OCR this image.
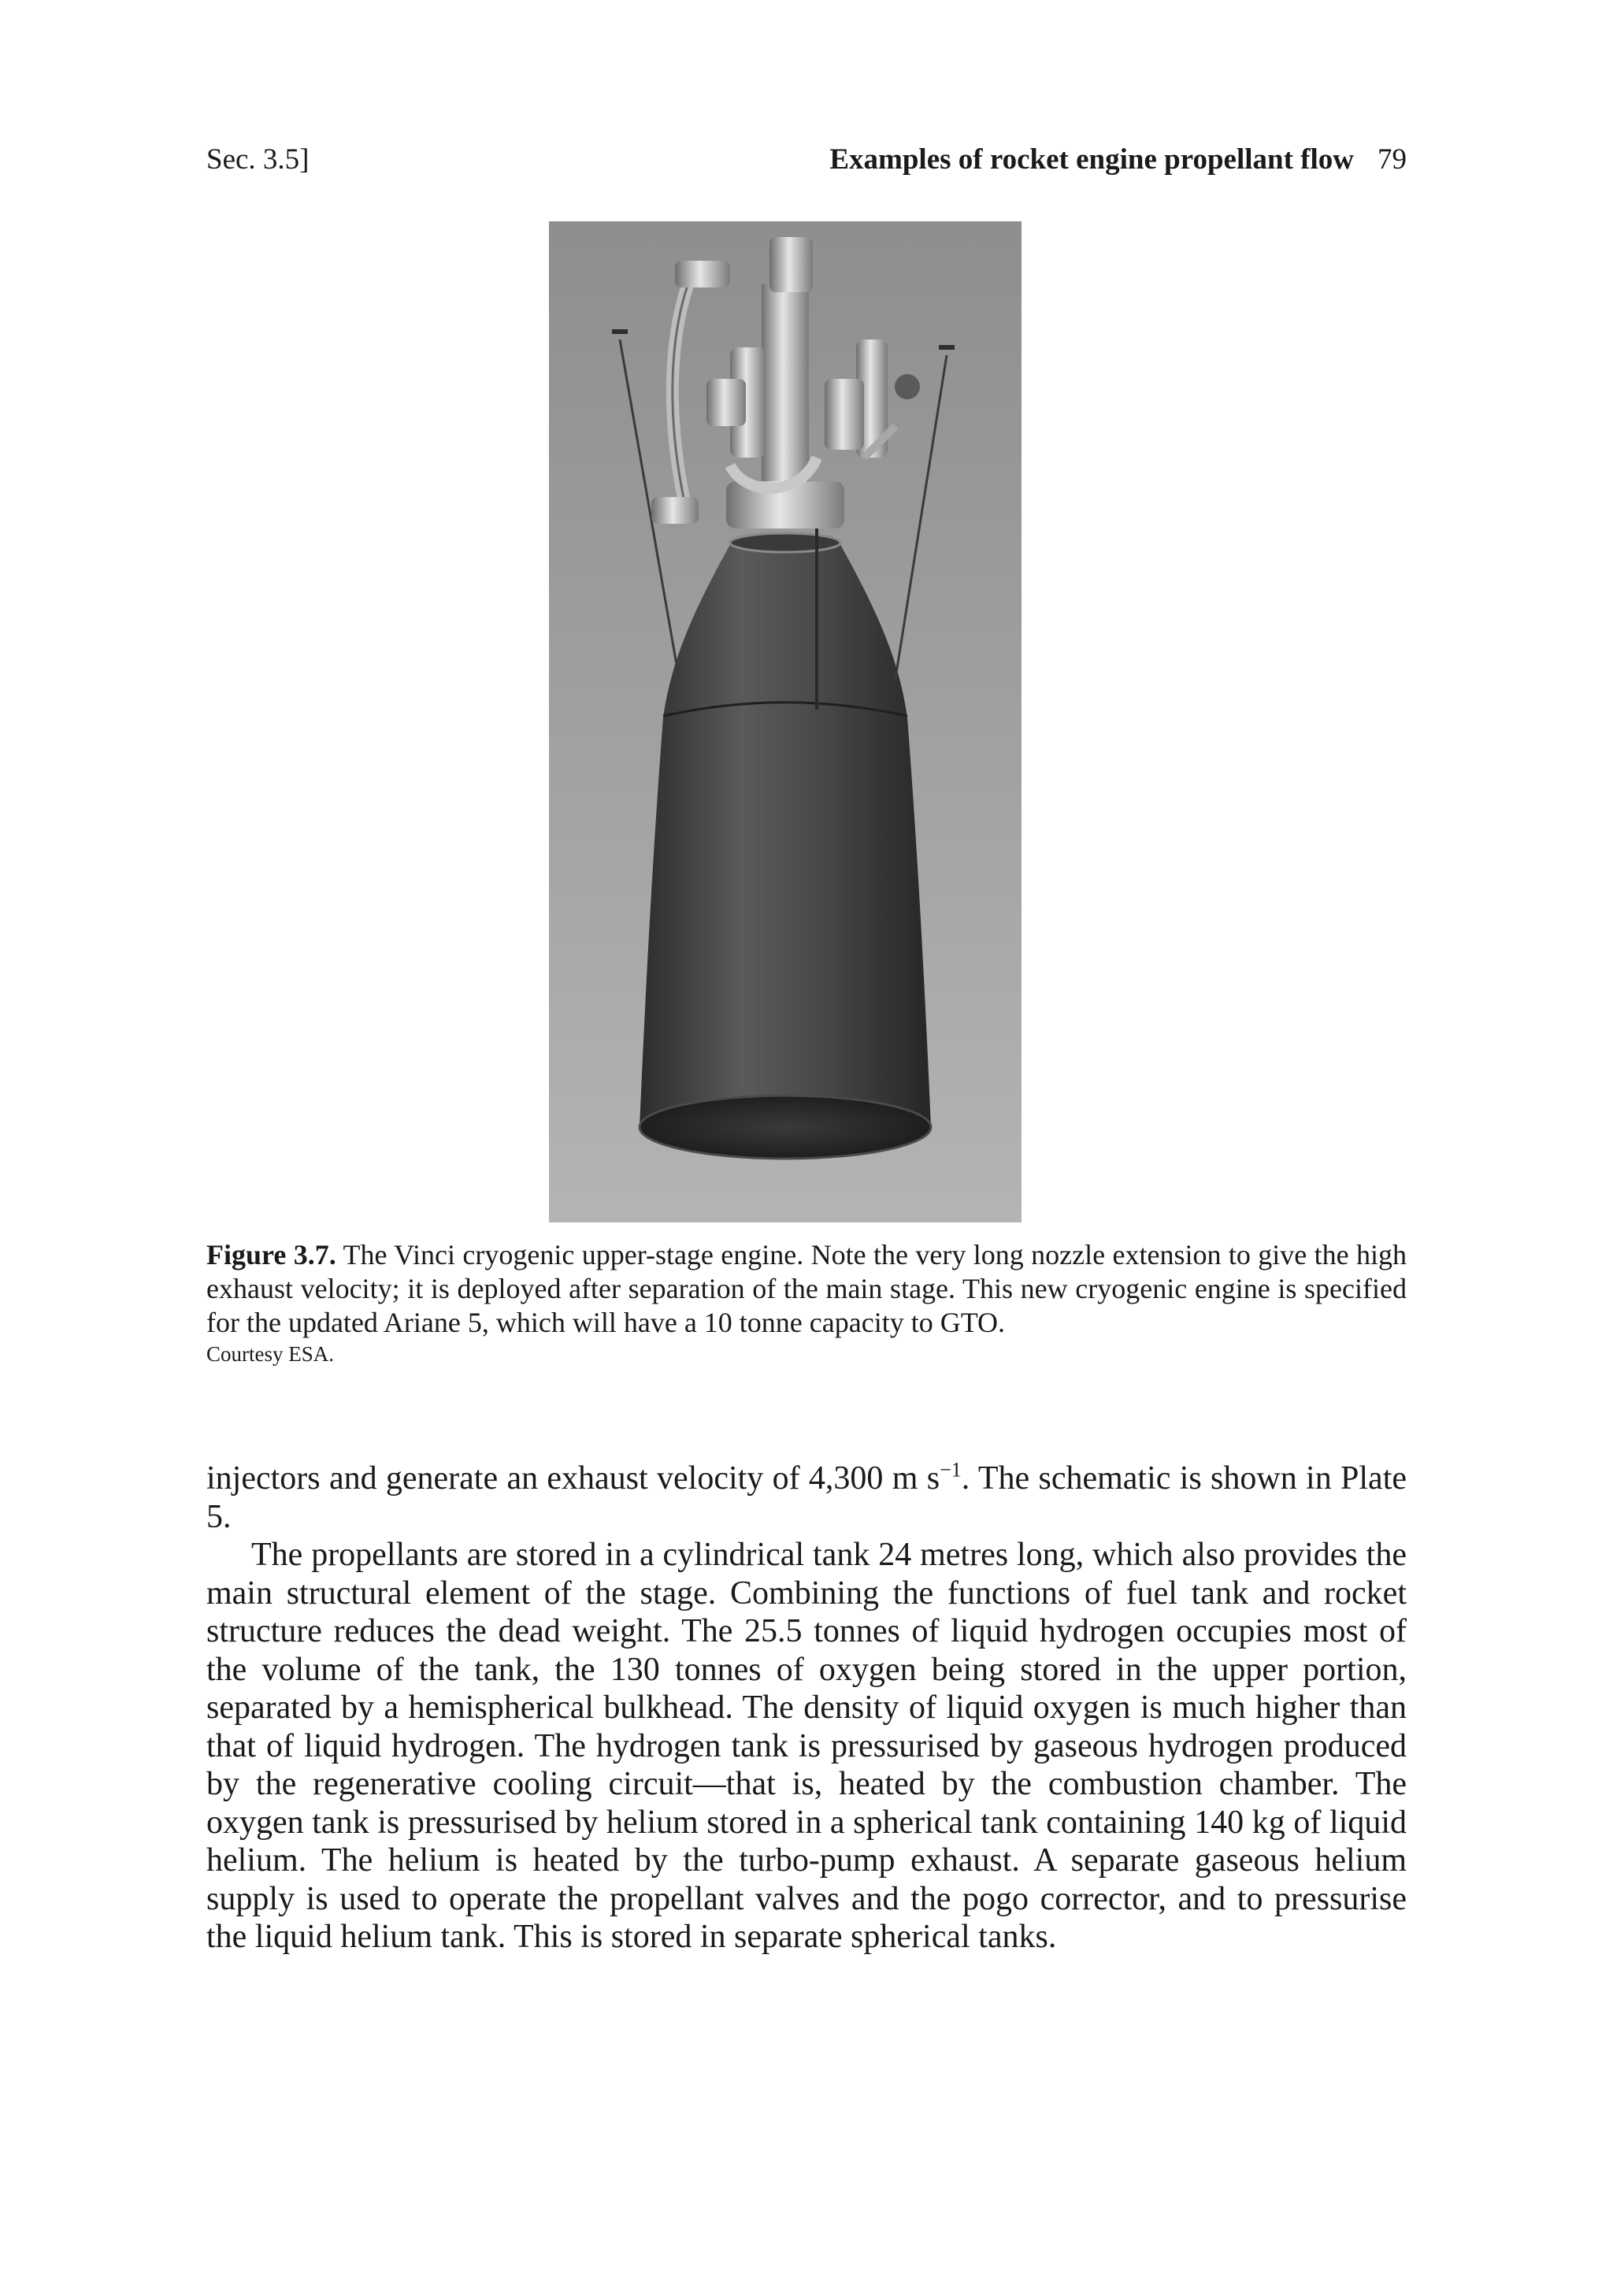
Sec. 3.5]	Examples of rocket engine propellant flow 79

Figure 3.7. The Vinci cryogenic upper-stage engine. Note the very long nozzle extension to give the high exhaust velocity; it is deployed after separation of the main stage. This new cryogenic engine is specified for the updated Ariane 5, which will have a 10 tonne capacity to GTO.

Courtesy ESA.

injectors and generate an exhaust velocity of 4,300 m $s^{-1}$. The schematic is shown in Plate 5.

The propellants are stored in a cylindrical tank 24 metres long, which also provides the main structural element of the stage. Combining the functions of fuel tank and rocket structure reduces the dead weight. The 25.5 tonnes of liquid hydrogen occupies most of the volume of the tank, the 130 tonnes of oxygen being stored in the upper portion, separated by a hemispherical bulkhead. The density of liquid oxygen is much higher than that of liquid hydrogen. The hydrogen tank is pressurised by gaseous hydrogen produced by the regenerative cooling circuit—that is, heated by the combustion chamber. The oxygen tank is pressurised by helium stored in a spherical tank containing 140 kg of liquid helium. The helium is heated by the turbo-pump exhaust. A separate gaseous helium supply is used to operate the propellant valves and the pogo corrector, and to pressurise the liquid helium tank. This is stored in separate spherical tanks.
